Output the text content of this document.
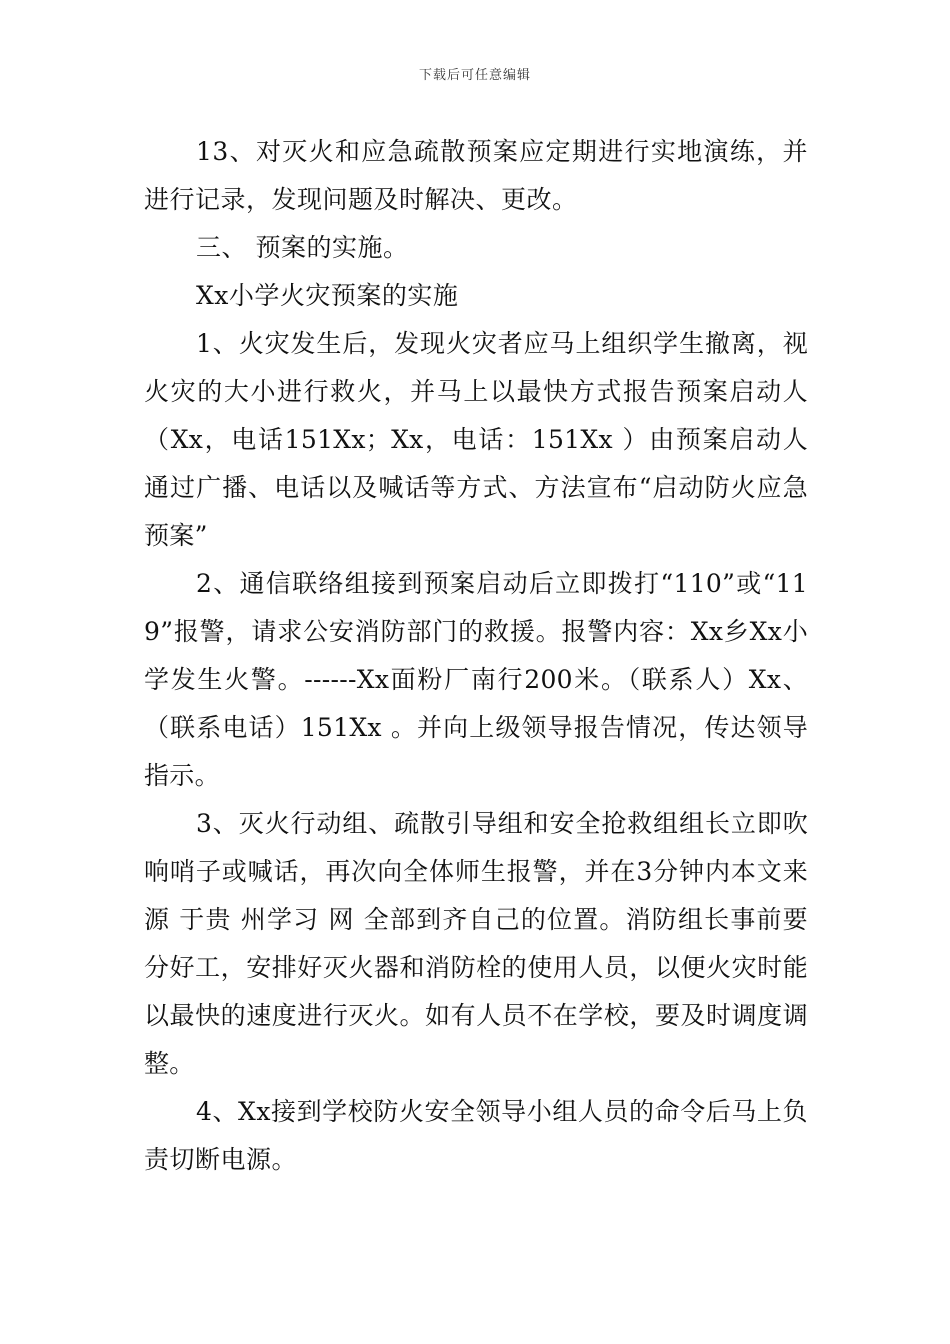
下载后可任意编辑

13、对灭火和应急疏散预案应定期进行实地演练，并进行记录，发现问题及时解决、更改。

三、 预案的实施。

Xx小学火灾预案的实施

1、火灾发生后，发现火灾者应马上组织学生撤离，视火灾的大小进行救火，并马上以最快方式报告预案启动人（Xx，电话151Xx；Xx，电话：151Xx ）由预案启动人通过广播、电话以及喊话等方式、方法宣布“启动防火应急预案”

2、通信联络组接到预案启动后立即拨打“110”或“119”报警，请求公安消防部门的救援。报警内容：Xx乡Xx小学发生火警。------Xx面粉厂南行200米。（联系人）Xx、（联系电话）151Xx 。并向上级领导报告情况，传达领导指示。

3、灭火行动组、疏散引导组和安全抢救组组长立即吹响哨子或喊话，再次向全体师生报警，并在3分钟内本文来源 于贵 州学习 网 全部到齐自己的位置。消防组长事前要分好工，安排好灭火器和消防栓的使用人员，以便火灾时能以最快的速度进行灭火。如有人员不在学校，要及时调度调整。

4、Xx接到学校防火安全领导小组人员的命令后马上负责切断电源。
